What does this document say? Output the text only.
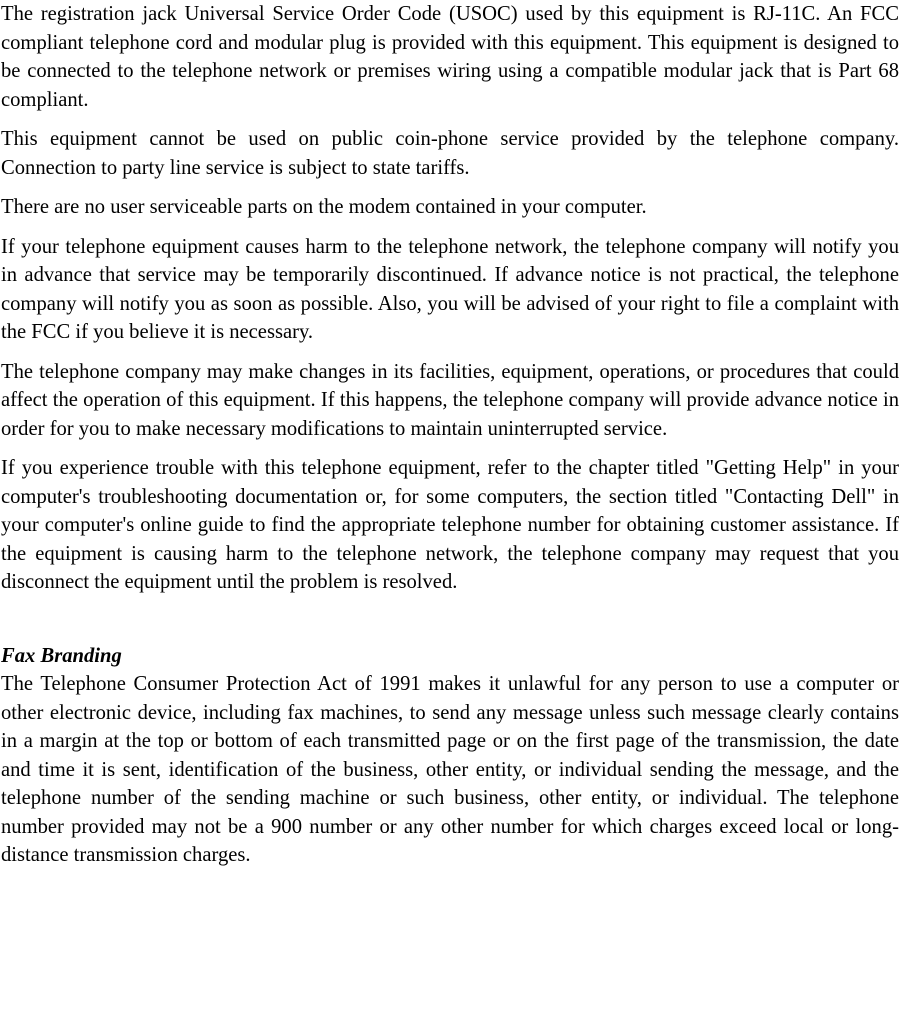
The registration jack Universal Service Order Code (USOC) used by this equipment is RJ-11C. An FCC compliant telephone cord and modular plug is provided with this equipment. This equipment is designed to be connected to the telephone network or premises wiring using a compatible modular jack that is Part 68 compliant.

This equipment cannot be used on public coin-phone service provided by the telephone company. Connection to party line service is subject to state tariffs.

There are no user serviceable parts on the modem contained in your computer.

If your telephone equipment causes harm to the telephone network, the telephone company will notify you in advance that service may be temporarily discontinued. If advance notice is not practical, the telephone company will notify you as soon as possible. Also, you will be advised of your right to file a complaint with the FCC if you believe it is necessary.

The telephone company may make changes in its facilities, equipment, operations, or procedures that could affect the operation of this equipment. If this happens, the telephone company will provide advance notice in order for you to make necessary modifications to maintain uninterrupted service.

If you experience trouble with this telephone equipment, refer to the chapter titled "Getting Help" in your computer's troubleshooting documentation or, for some computers, the section titled "Contacting Dell" in your computer's online guide to find the appropriate telephone number for obtaining customer assistance. If the equipment is causing harm to the telephone network, the telephone company may request that you disconnect the equipment until the problem is resolved.

Fax Branding

The Telephone Consumer Protection Act of 1991 makes it unlawful for any person to use a computer or other electronic device, including fax machines, to send any message unless such message clearly contains in a margin at the top or bottom of each transmitted page or on the first page of the transmission, the date and time it is sent, identification of the business, other entity, or individual sending the message, and the telephone number of the sending machine or such business, other entity, or individual. The telephone number provided may not be a 900 number or any other number for which charges exceed local or long-distance transmission charges.
